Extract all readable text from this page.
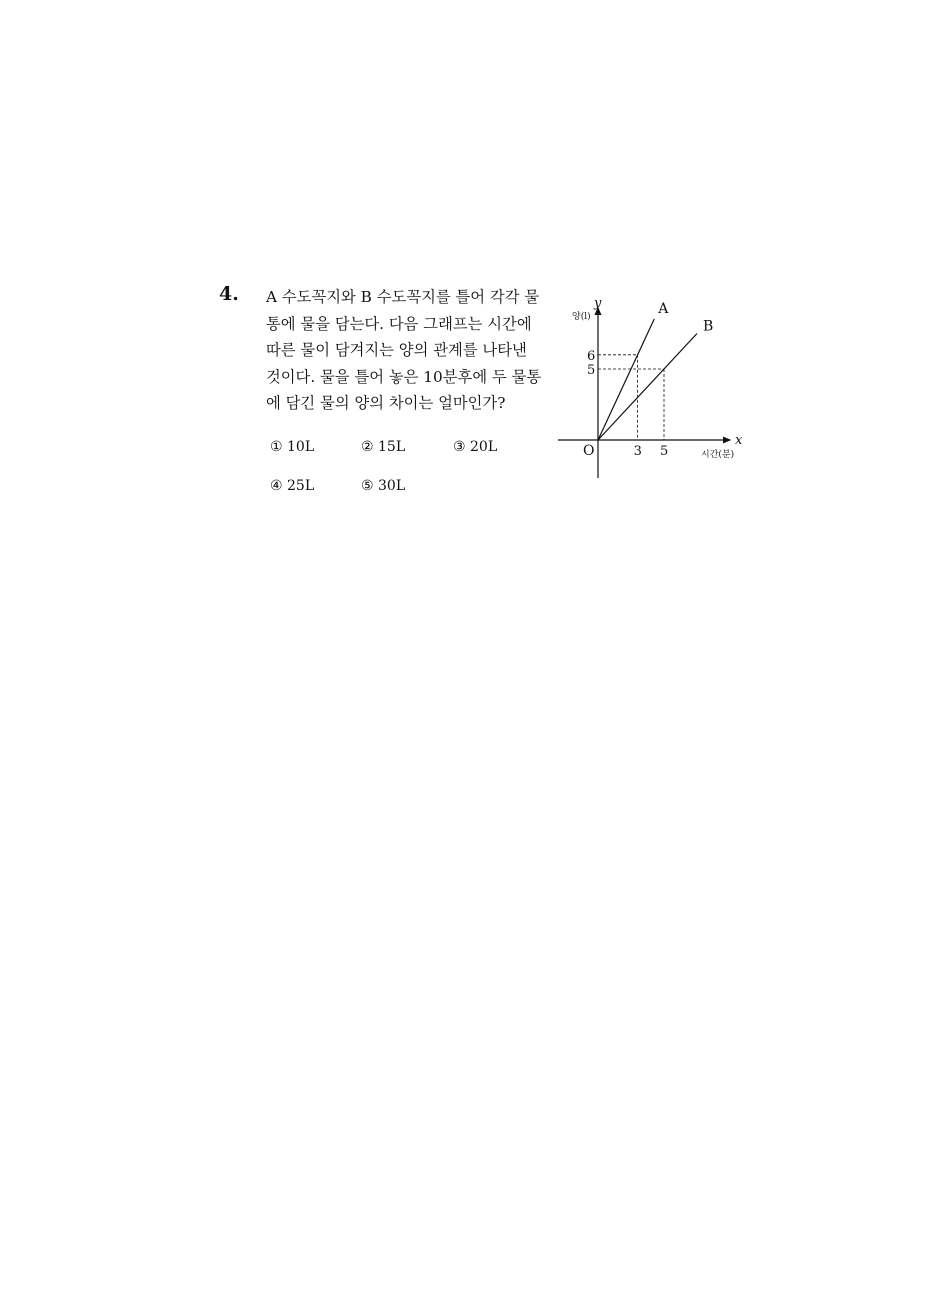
4. A 수도꼭지와 B 수도꼭지를 틀어 각각 물
통에 물을 담는다. 다음 그래프는 시간에
따른 물이 담겨지는 양의 관계를 나타낸
것이다. 물을 틀어 놓은 10분후에 두 물통
에 담긴 물의 양의 차이는 얼마인가?
① 10L	② 15L	③ 20L
④ 25L	⑤ 30L
y
양(l)
x
시간(분)
O
A
B
3
6
5
5
